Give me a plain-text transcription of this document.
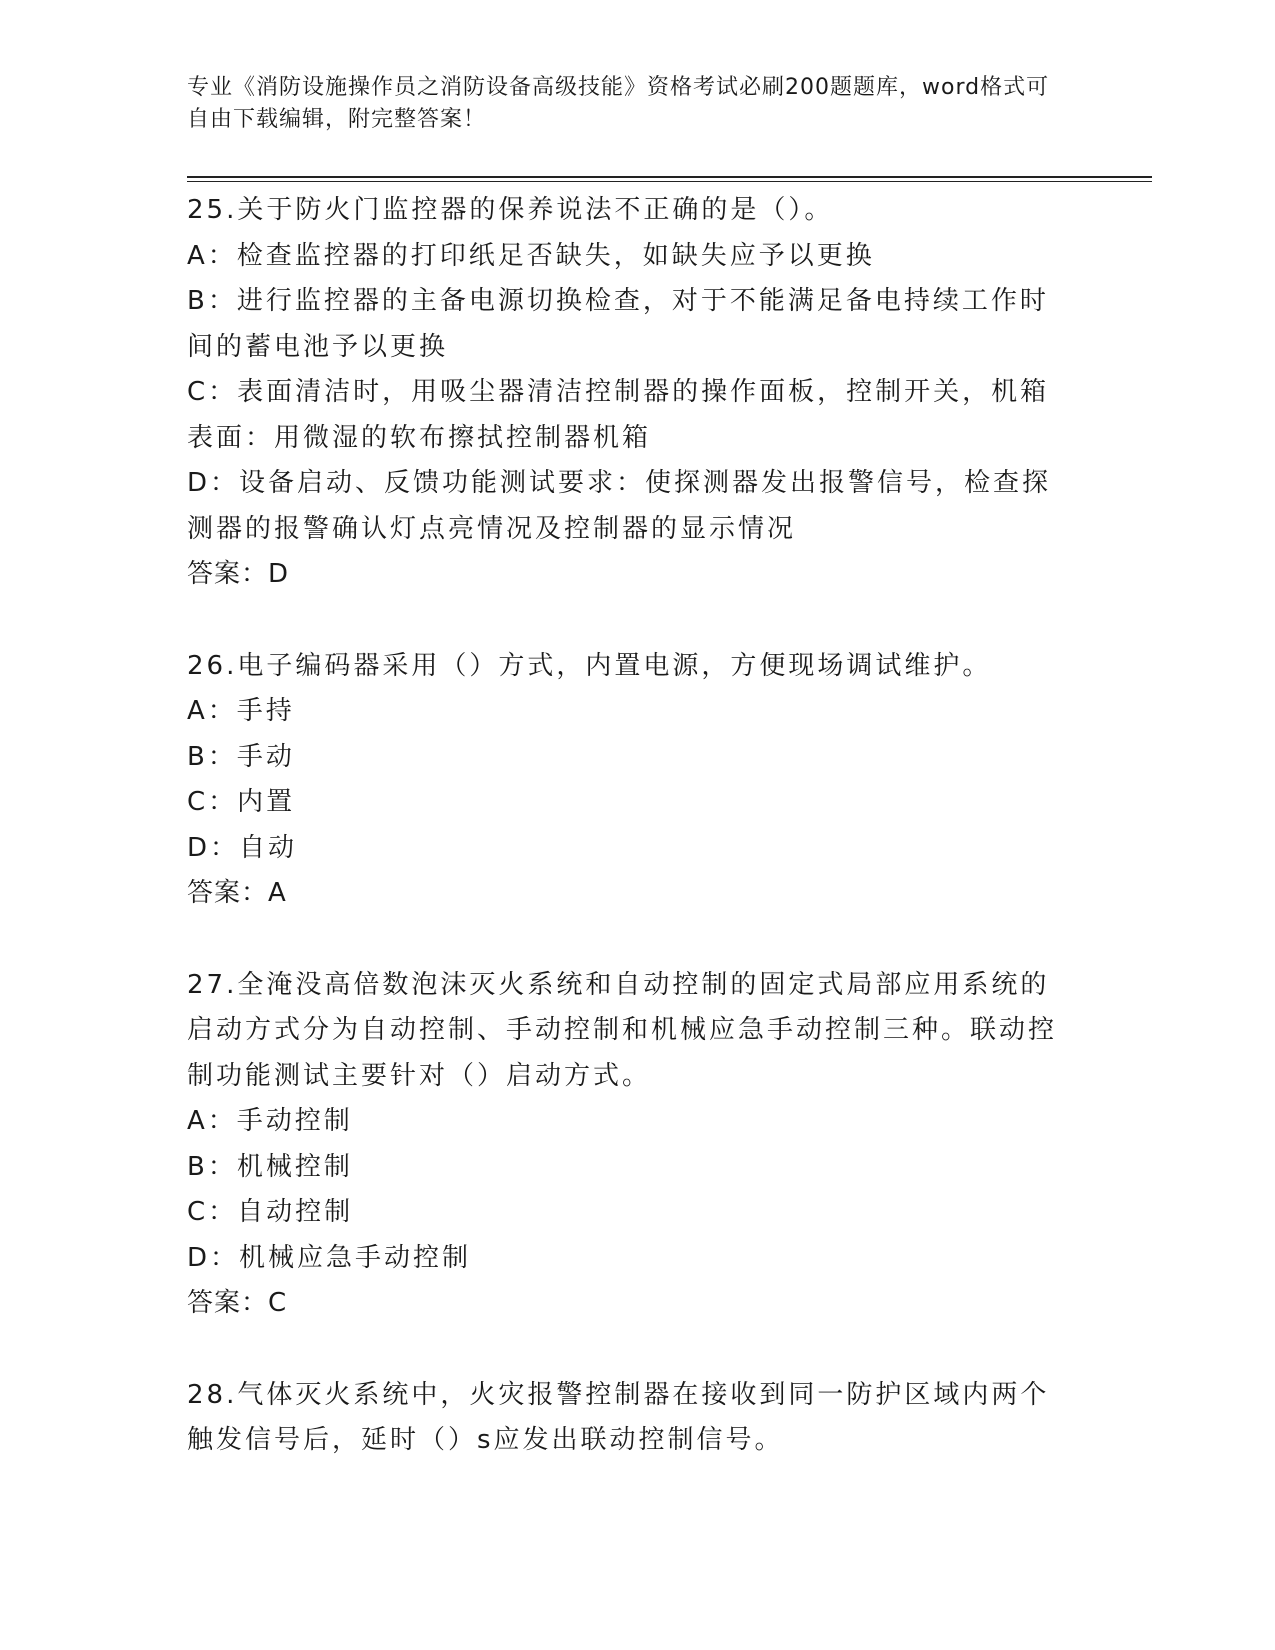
专业《消防设施操作员之消防设备高级技能》资格考试必刷200题题库，word格式可自由下载编辑，附完整答案！
25.关于防火门监控器的保养说法不正确的是（）。
A：检查监控器的打印纸足否缺失，如缺失应予以更换
B：进行监控器的主备电源切换检查，对于不能满足备电持续工作时间的蓄电池予以更换
C：表面清洁时，用吸尘器清洁控制器的操作面板，控制开关，机箱表面：用微湿的软布擦拭控制器机箱
D：设备启动、反馈功能测试要求：使探测器发出报警信号，检查探测器的报警确认灯点亮情况及控制器的显示情况
答案：D
26.电子编码器采用（）方式，内置电源，方便现场调试维护。
A：手持
B：手动
C：内置
D：自动
答案：A
27.全淹没高倍数泡沫灭火系统和自动控制的固定式局部应用系统的启动方式分为自动控制、手动控制和机械应急手动控制三种。联动控制功能测试主要针对（）启动方式。
A：手动控制
B：机械控制
C：自动控制
D：机械应急手动控制
答案：C
28.气体灭火系统中，火灾报警控制器在接收到同一防护区域内两个触发信号后，延时（）s应发出联动控制信号。
